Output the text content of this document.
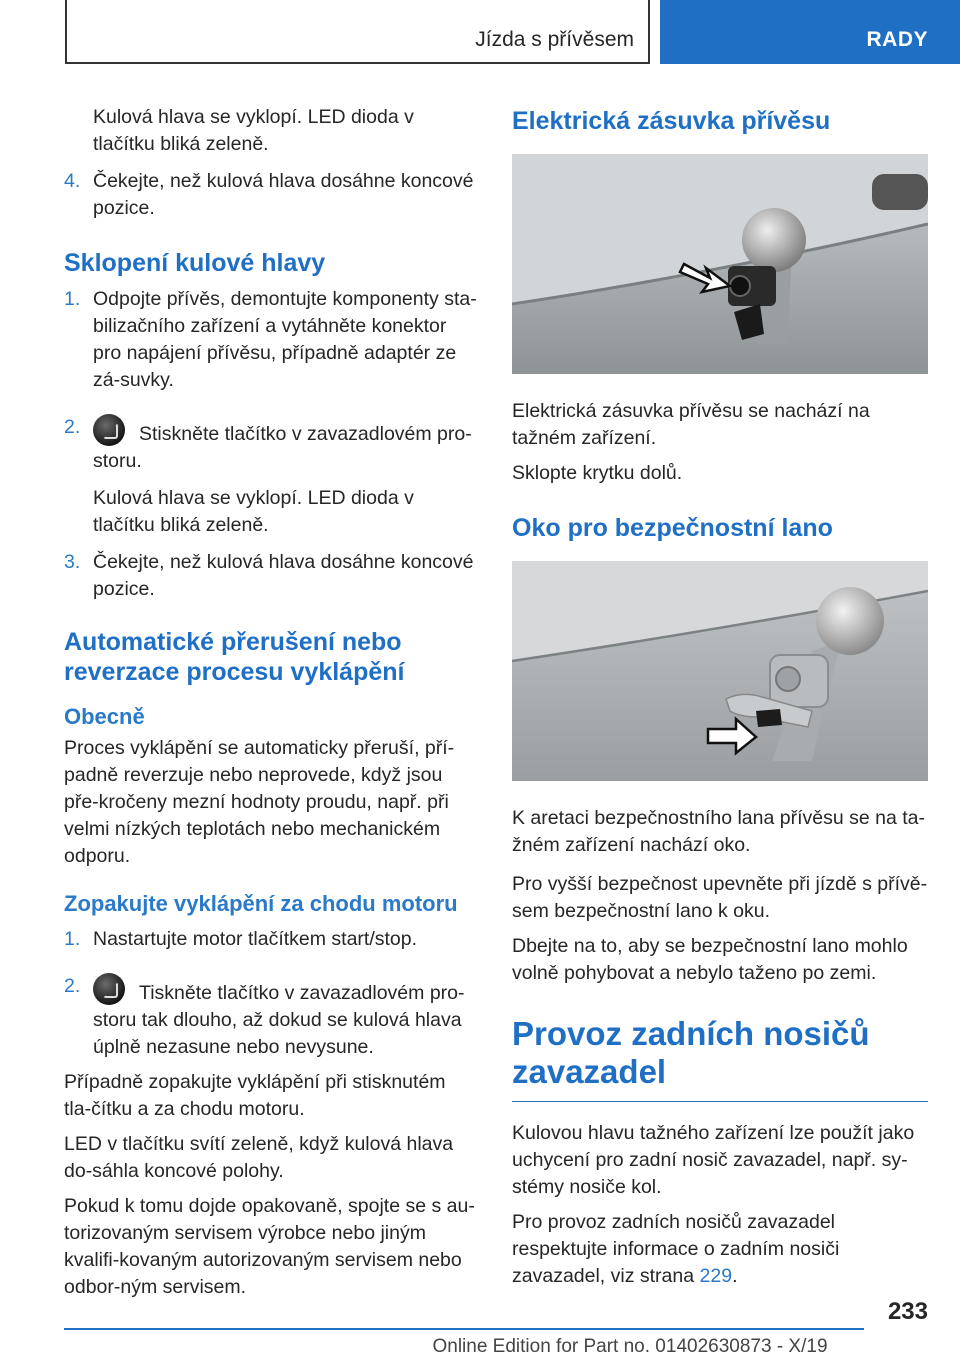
Jízda s přívěsem	RADY

Kulová hlava se vyklopí. LED dioda v tlačítku bliká zeleně.

4. Čekejte, než kulová hlava dosáhne koncové pozice.
Sklopení kulové hlavy
1. Odpojte přívěs, demontujte komponenty sta-bilizačního zařízení a vytáhněte konektor pro napájení přívěsu, případně adaptér ze zá-suvky.
2.	Stiskněte tlačítko v zavazadlovém pro-storu.

Kulová hlava se vyklopí. LED dioda v tlačítku bliká zeleně.

3. Čekejte, než kulová hlava dosáhne koncové pozice.
Automatické přerušení nebo reverzace procesu vyklápění
Obecně

Proces vyklápění se automaticky přeruší, pří-padně reverzuje nebo neprovede, když jsou pře-kročeny mezní hodnoty proudu, např. při velmi nízkých teplotách nebo mechanickém odporu.

Zopakujte vyklápění za chodu motoru
1. Nastartujte motor tlačítkem start/stop.
2.	Tiskněte tlačítko v zavazadlovém pro-storu tak dlouho, až dokud se kulová hlava úplně nezasune nebo nevysune.

Případně zopakujte vyklápění při stisknutém tla-čítku a za chodu motoru.

LED v tlačítku svítí zeleně, když kulová hlava do-sáhla koncové polohy.

Pokud k tomu dojde opakovaně, spojte se s au-torizovaným servisem výrobce nebo jiným kvalifi-kovaným autorizovaným servisem nebo odbor-ným servisem.

Elektrická zásuvka přívěsu

Elektrická zásuvka přívěsu se nachází na tažném zařízení.

Sklopte krytku dolů.

Oko pro bezpečnostní lano

K aretaci bezpečnostního lana přívěsu se na ta-žném zařízení nachází oko.

Pro vyšší bezpečnost upevněte při jízdě s přívě-sem bezpečnostní lano k oku.

Dbejte na to, aby se bezpečnostní lano mohlo volně pohybovat a nebylo taženo po zemi.

Provoz zadních nosičů zavazadel

Kulovou hlavu tažného zařízení lze použít jako uchycení pro zadní nosič zavazadel, např. sy-stémy nosiče kol.

Pro provoz zadních nosičů zavazadel respektujte informace o zadním nosiči zavazadel, viz strana 229.

233
Online Edition for Part no. 01402630873 - X/19
